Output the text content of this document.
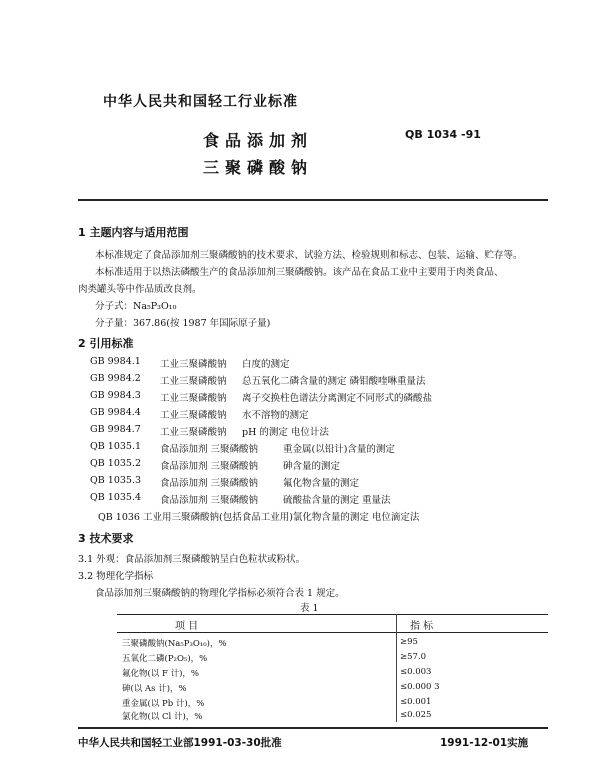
中华人民共和国轻工行业标准
食品添加剂
三聚磷酸钠
QB 1034 -91
1 主题内容与适用范围
本标准规定了食品添加剂三聚磷酸钠的技术要求、试验方法、检验规则和标志、包装、运输、贮存等。
本标准适用于以热法磷酸生产的食品添加剂三聚磷酸钠。该产品在食品工业中主要用于肉类食品、
肉类罐头等中作品质改良剂。
分子式：Na₅P₃O₁₀
分子量：367.86(按 1987 年国际原子量)
2 引用标准
GB 9984.1 工业三聚磷酸钠 白度的测定
GB 9984.2 工业三聚磷酸钠 总五氧化二磷含量的测定 磷钼酸喹啉重量法
GB 9984.3 工业三聚磷酸钠 离子交换柱色谱法分离测定不同形式的磷酸盐
GB 9984.4 工业三聚磷酸钠 水不溶物的测定
GB 9984.7 工业三聚磷酸钠 pH 的测定 电位计法
QB 1035.1 食品添加剂 三聚磷酸钠	重金属(以铅计)含量的测定
QB 1035.2 食品添加剂 三聚磷酸钠	砷含量的测定
QB 1035.3 食品添加剂 三聚磷酸钠	氟化物含量的测定
QB 1035.4 食品添加剂 三聚磷酸钠	硫酸盐含量的测定 重量法
QB 1036 工业用三聚磷酸钠(包括食品工业用)氯化物含量的测定 电位滴定法
3 技术要求
3.1 外观：食品添加剂三聚磷酸钠呈白色粒状或粉状。
3.2 物理化学指标
食品添加剂三聚磷酸钠的物理化学指标必须符合表 1 规定。
表 1
项 目	指 标
三聚磷酸钠(Na₅P₃O₁₀)，%	≥95
五氧化二磷(P₂O₅)，%	≥57.0
氟化物(以 F 计)，%	≤0.003
砷(以 As 计)，%	≤0.000 3
重金属(以 Pb 计)，%	≤0.001
氯化物(以 Cl 计)，%	≤0.025
中华人民共和国轻工业部1991-03-30批准	1991-12-01实施
